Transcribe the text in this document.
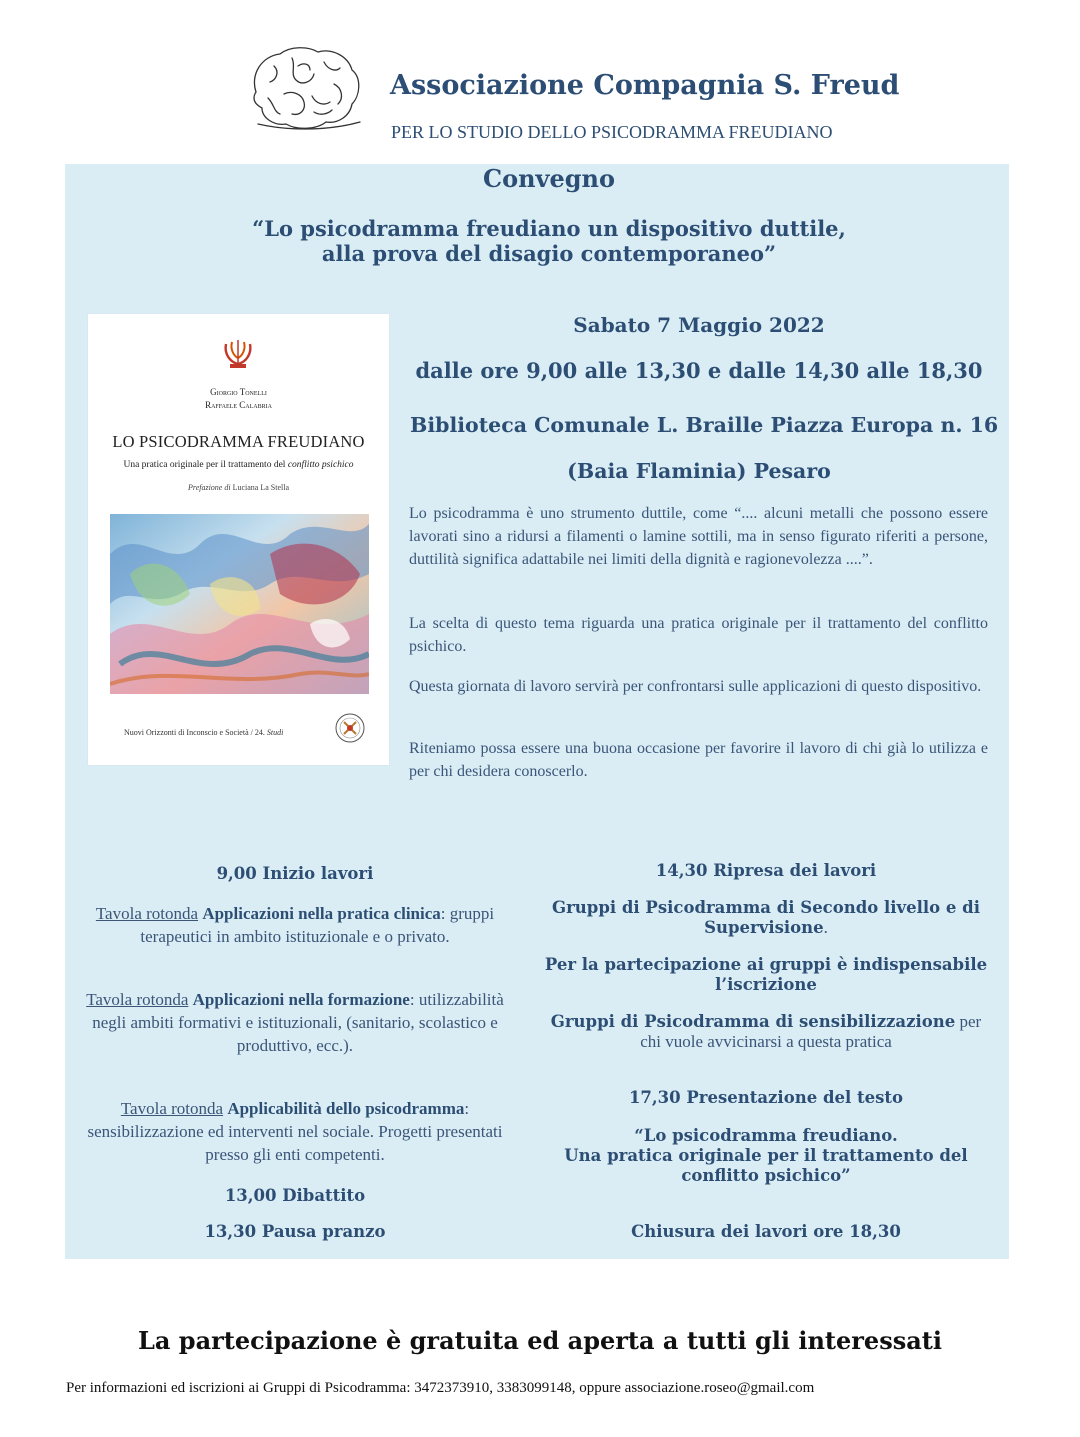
Associazione Compagnia S. Freud
PER LO STUDIO DELLO PSICODRAMMA FREUDIANO
Convegno
“Lo psicodramma freudiano un dispositivo duttile,
alla prova del disagio contemporaneo”
Sabato 7 Maggio 2022
dalle ore 9,00 alle 13,30 e dalle 14,30 alle 18,30
Biblioteca Comunale L. Braille Piazza Europa n. 16
(Baia Flaminia) Pesaro
Lo psicodramma è uno strumento duttile, come “.... alcuni metalli che possono essere lavorati sino a ridursi a filamenti o lamine sottili, ma in senso figurato riferiti a persone, duttilità significa adattabile nei limiti della dignità e ragionevolezza ....”.
La scelta di questo tema riguarda una pratica originale per il trattamento del conflitto psichico.
Questa giornata di lavoro servirà per confrontarsi sulle applicazioni di questo dispositivo.
Riteniamo possa essere una buona occasione per favorire il lavoro di chi già lo utilizza e per chi desidera conoscerlo.
Giorgio Tonelli
Raffaele Calabria
LO PSICODRAMMA FREUDIANO
Una pratica originale per il trattamento del conflitto psichico
Prefazione di Luciana La Stella
Nuovi Orizzonti di Inconscio e Società / 24. Studi
9,00 Inizio lavori
Tavola rotonda Applicazioni nella pratica clinica: gruppi terapeutici in ambito istituzionale e o privato.
Tavola rotonda Applicazioni nella formazione: utilizzabilità negli ambiti formativi e istituzionali, (sanitario, scolastico e produttivo, ecc.).
Tavola rotonda Applicabilità dello psicodramma: sensibilizzazione ed interventi nel sociale. Progetti presentati presso gli enti competenti.
13,00 Dibattito
13,30 Pausa pranzo
14,30 Ripresa dei lavori
Gruppi di Psicodramma di Secondo livello e di Supervisione.
Per la partecipazione ai gruppi è indispensabile l’iscrizione
Gruppi di Psicodramma di sensibilizzazione per chi vuole avvicinarsi a questa pratica
17,30 Presentazione del testo
“Lo psicodramma freudiano.
Una pratica originale per il trattamento del conflitto psichico”
Chiusura dei lavori ore 18,30
La partecipazione è gratuita ed aperta a tutti gli interessati
Per informazioni ed iscrizioni ai Gruppi di Psicodramma: 3472373910, 3383099148, oppure associazione.roseo@gmail.com
